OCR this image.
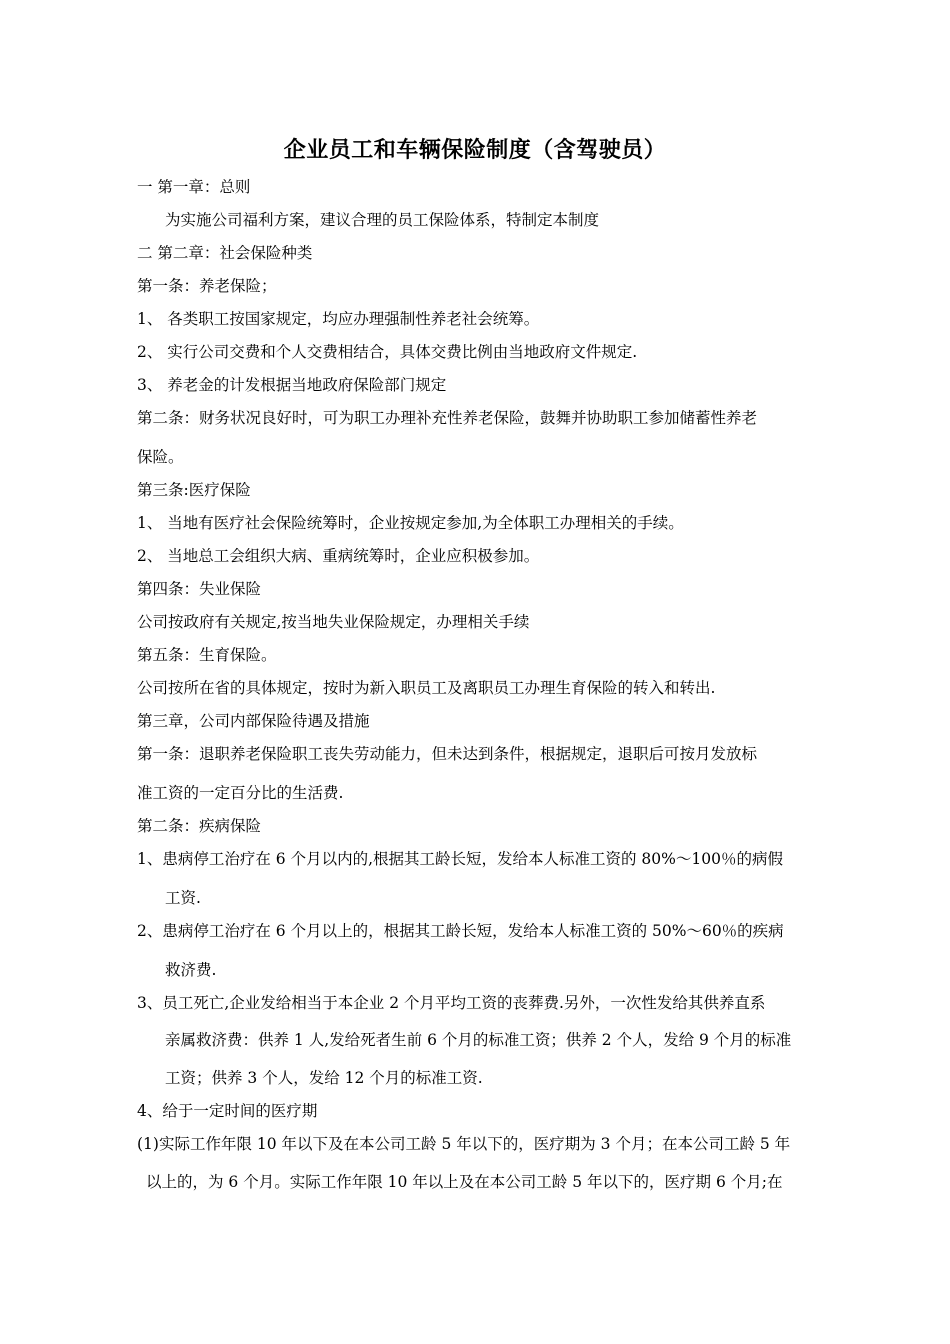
企业员工和车辆保险制度（含驾驶员）
一 第一章：总则
为实施公司福利方案，建议合理的员工保险体系，特制定本制度
二 第二章：社会保险种类
第一条：养老保险；
1、 各类职工按国家规定，均应办理强制性养老社会统筹。
2、 实行公司交费和个人交费相结合，具体交费比例由当地政府文件规定.
3、 养老金的计发根据当地政府保险部门规定
第二条：财务状况良好时，可为职工办理补充性养老保险，鼓舞并协助职工参加储蓄性养老
保险。
第三条:医疗保险
1、 当地有医疗社会保险统筹时，企业按规定参加,为全体职工办理相关的手续。
2、 当地总工会组织大病、重病统筹时，企业应积极参加。
第四条：失业保险
公司按政府有关规定,按当地失业保险规定，办理相关手续
第五条：生育保险。
公司按所在省的具体规定，按时为新入职员工及离职员工办理生育保险的转入和转出.
第三章，公司内部保险待遇及措施
第一条：退职养老保险职工丧失劳动能力，但未达到条件，根据规定，退职后可按月发放标
准工资的一定百分比的生活费.
第二条：疾病保险
1、患病停工治疗在 6 个月以内的,根据其工龄长短，发给本人标准工资的 80%～100％的病假
工资.
2、患病停工治疗在 6 个月以上的，根据其工龄长短，发给本人标准工资的 50%～60％的疾病
救济费.
3、员工死亡,企业发给相当于本企业 2 个月平均工资的丧葬费.另外，一次性发给其供养直系
亲属救济费：供养 1 人,发给死者生前 6 个月的标准工资；供养 2 个人，发给 9 个月的标准
工资；供养 3 个人，发给 12 个月的标准工资.
4、给于一定时间的医疗期
(1)实际工作年限 10 年以下及在本公司工龄 5 年以下的，医疗期为 3 个月；在本公司工龄 5 年
以上的，为 6 个月。实际工作年限 10 年以上及在本公司工龄 5 年以下的，医疗期 6 个月;在
